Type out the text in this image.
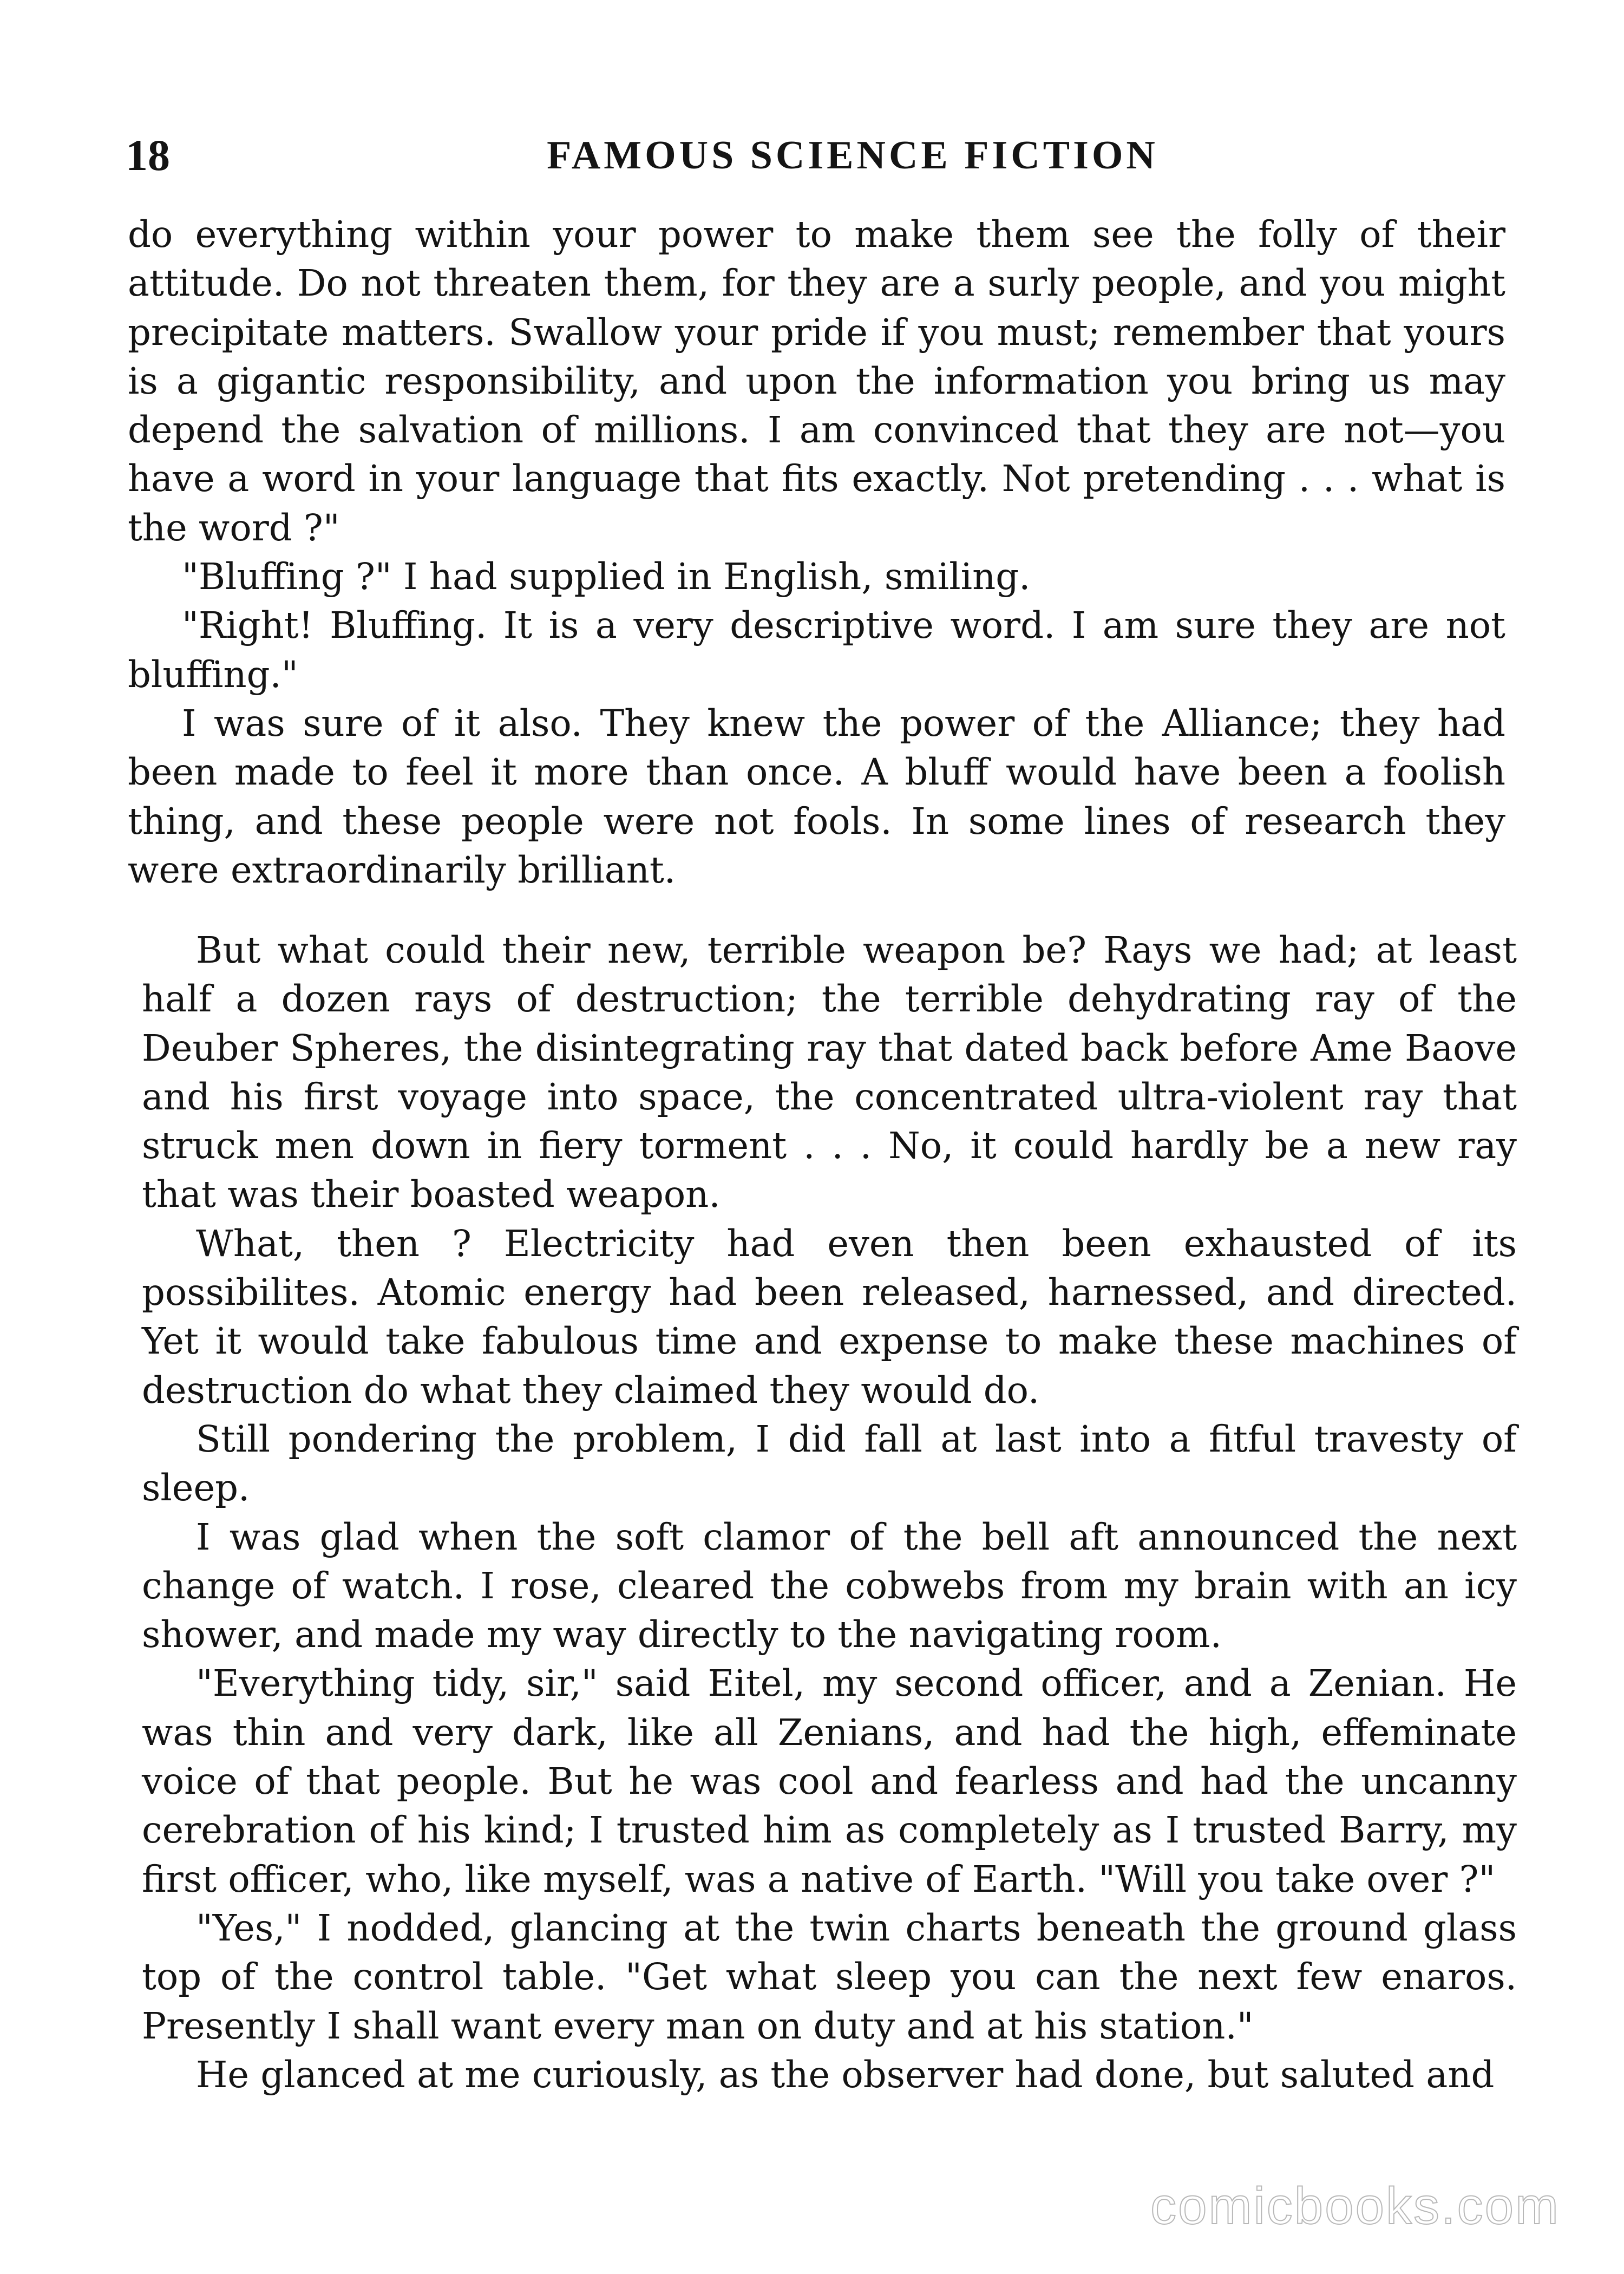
18	FAMOUS SCIENCE FICTION

do everything within your power to make them see the folly of their attitude. Do not threaten them, for they are a surly people, and you might precipitate matters. Swallow your pride if you must; remember that yours is a gigantic responsibility, and upon the information you bring us may depend the salvation of millions. I am convinced that they are not—you have a word in your language that fits exactly. Not pretending . . . what is the word ?"

"Bluffing ?" I had supplied in English, smiling.

"Right! Bluffing. It is a very descriptive word. I am sure they are not bluffing."

I was sure of it also. They knew the power of the Alliance; they had been made to feel it more than once. A bluff would have been a foolish thing, and these people were not fools. In some lines of research they were extraordinarily brilliant.

But what could their new, terrible weapon be? Rays we had; at least half a dozen rays of destruction; the terrible dehydrating ray of the Deuber Spheres, the disintegrating ray that dated back before Ame Baove and his first voyage into space, the concentrated ultra-violent ray that struck men down in fiery torment . . . No, it could hardly be a new ray that was their boasted weapon.

What, then ? Electricity had even then been exhausted of its possibilites. Atomic energy had been released, harnessed, and directed. Yet it would take fabulous time and expense to make these machines of destruction do what they claimed they would do.

Still pondering the problem, I did fall at last into a fitful travesty of sleep.

I was glad when the soft clamor of the bell aft announced the next change of watch. I rose, cleared the cobwebs from my brain with an icy shower, and made my way directly to the navigating room.

"Everything tidy, sir," said Eitel, my second officer, and a Zenian. He was thin and very dark, like all Zenians, and had the high, effeminate voice of that people. But he was cool and fearless and had the uncanny cerebration of his kind; I trusted him as completely as I trusted Barry, my first officer, who, like myself, was a native of Earth. "Will you take over ?"

"Yes," I nodded, glancing at the twin charts beneath the ground glass top of the control table. "Get what sleep you can the next few enaros. Presently I shall want every man on duty and at his station."

He glanced at me curiously, as the observer had done, but saluted and

comicbooks.com
